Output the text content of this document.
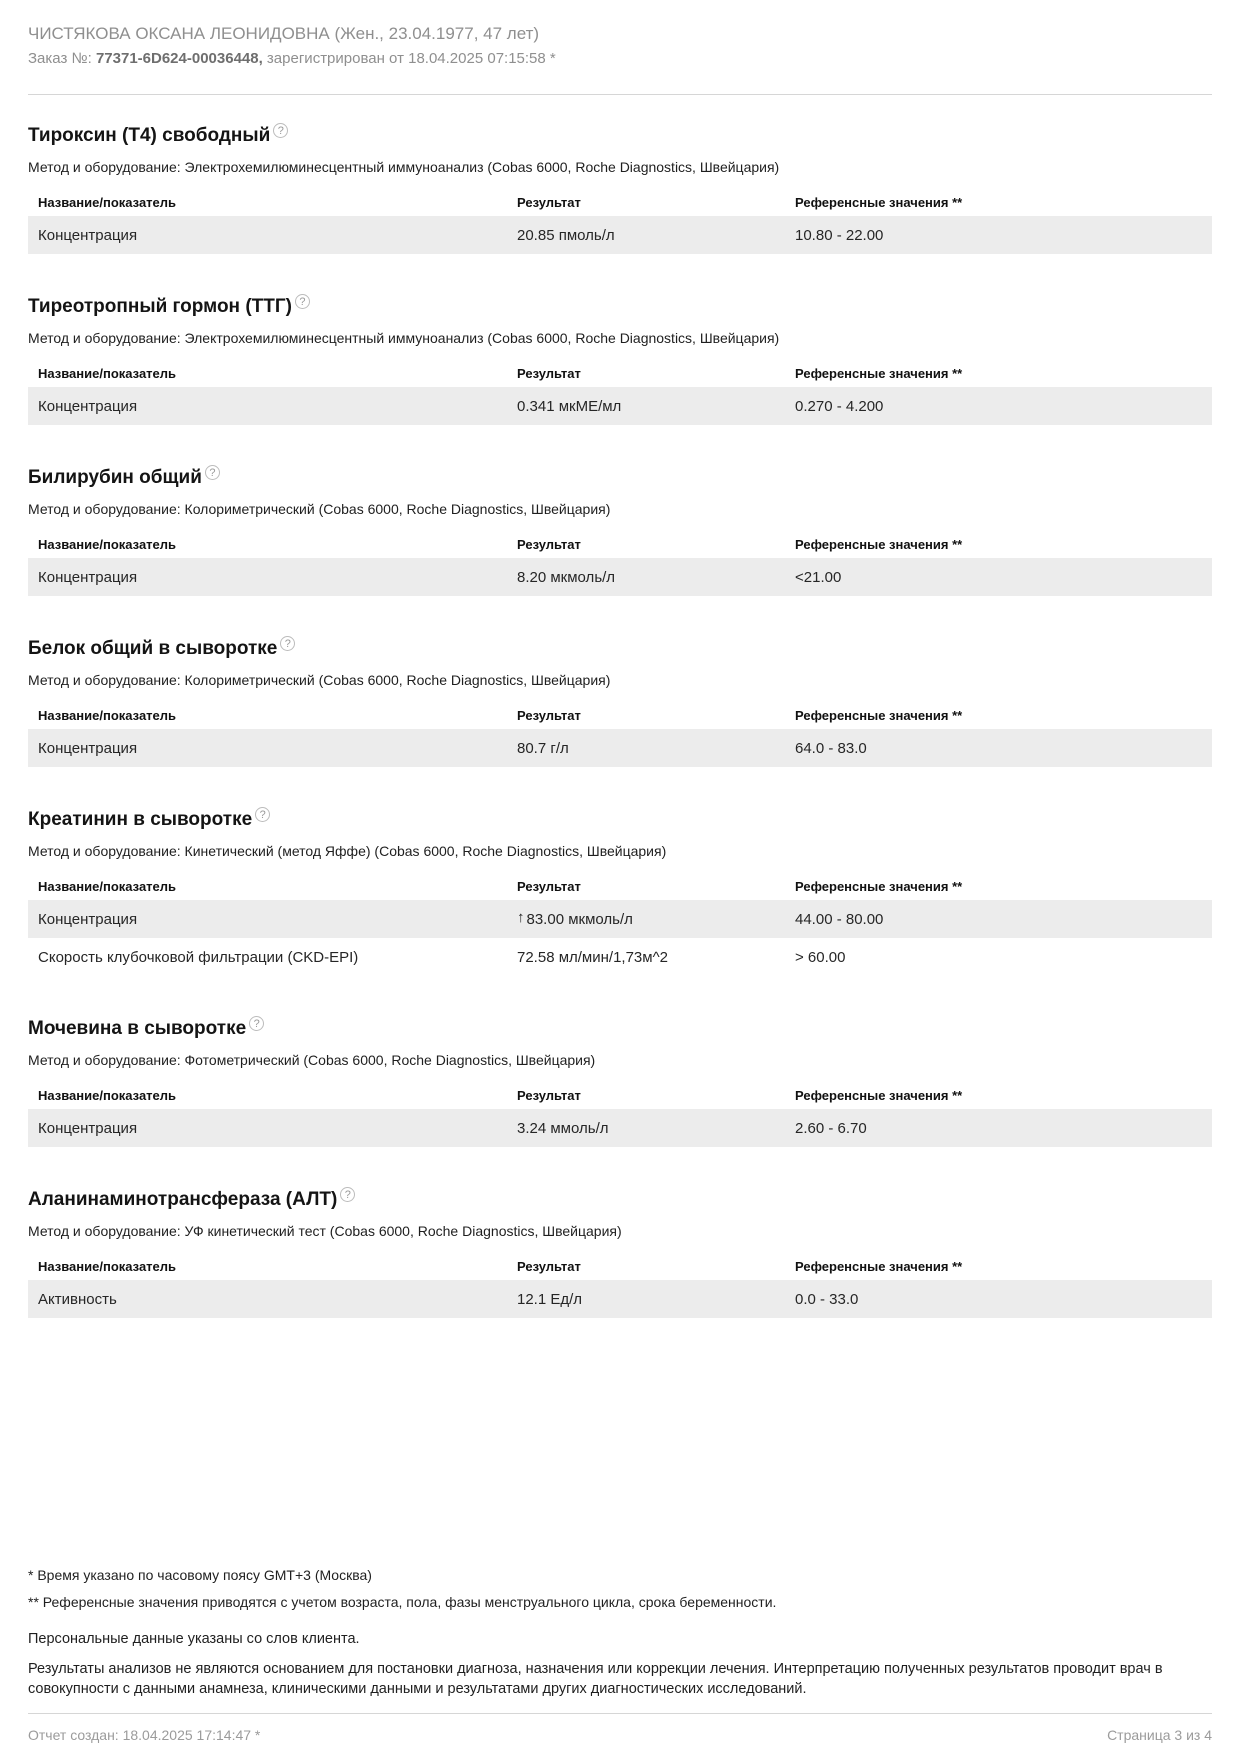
ЧИСТЯКОВА ОКСАНА ЛЕОНИДОВНА (Жен., 23.04.1977, 47 лет)
Заказ №: 77371-6D624-00036448, зарегистрирован от 18.04.2025 07:15:58 *
Тироксин (Т4) свободный ?
Метод и оборудование: Электрохемилюминесцентный иммуноанализ (Cobas 6000, Roche Diagnostics, Швейцария)
Название/показатель	Результат	Референсные значения **
Концентрация	20.85 пмоль/л	10.80 - 22.00
Тиреотропный гормон (ТТГ) ?
Метод и оборудование: Электрохемилюминесцентный иммуноанализ (Cobas 6000, Roche Diagnostics, Швейцария)
Название/показатель	Результат	Референсные значения **
Концентрация	0.341 мкМЕ/мл	0.270 - 4.200
Билирубин общий ?
Метод и оборудование: Колориметрический (Cobas 6000, Roche Diagnostics, Швейцария)
Название/показатель	Результат	Референсные значения **
Концентрация	8.20 мкмоль/л	<21.00
Белок общий в сыворотке ?
Метод и оборудование: Колориметрический (Cobas 6000, Roche Diagnostics, Швейцария)
Название/показатель	Результат	Референсные значения **
Концентрация	80.7 г/л	64.0 - 83.0
Креатинин в сыворотке ?
Метод и оборудование: Кинетический (метод Яффе) (Cobas 6000, Roche Diagnostics, Швейцария)
Название/показатель	Результат	Референсные значения **
Концентрация	↑ 83.00 мкмоль/л	44.00 - 80.00
Скорость клубочковой фильтрации (CKD-EPI)	72.58 мл/мин/1,73м^2	> 60.00
Мочевина в сыворотке ?
Метод и оборудование: Фотометрический (Cobas 6000, Roche Diagnostics, Швейцария)
Название/показатель	Результат	Референсные значения **
Концентрация	3.24 ммоль/л	2.60 - 6.70
Аланинаминотрансфераза (АЛТ) ?
Метод и оборудование: УФ кинетический тест (Cobas 6000, Roche Diagnostics, Швейцария)
Название/показатель	Результат	Референсные значения **
Активность	12.1 Ед/л	0.0 - 33.0

* Время указано по часовому поясу GMT+3 (Москва)

** Референсные значения приводятся с учетом возраста, пола, фазы менструального цикла, срока беременности.

Персональные данные указаны со слов клиента.

Результаты анализов не являются основанием для постановки диагноза, назначения или коррекции лечения. Интерпретацию полученных результатов проводит врач в совокупности с данными анамнеза, клиническими данными и результатами других диагностических исследований.

Отчет создан: 18.04.2025 17:14:47 *	Страница 3 из 4
